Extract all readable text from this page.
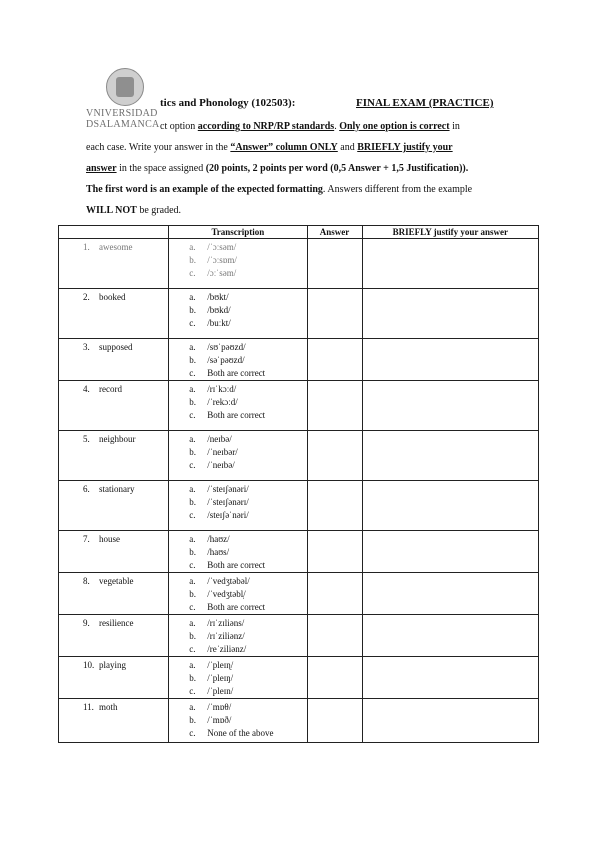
VNIVERSIDAD
DSALAMANCA
tics and Phonology (102503):	FINAL EXAM (PRACTICE)
ct option according to NRP/RP standards. Only one option is correct in
each case. Write your answer in the “Answer” column ONLY and BRIEFLY justify your
answer in the space assigned (20 points, 2 points per word (0,5 Answer + 1,5 Justification)).
The first word is an example of the expected formatting. Answers different from the example
WILL NOT be graded.
	Transcription	Answer	BRIEFLY justify your answer

1. awesome	a. /ˈɔːsəm/
b. /ˈɔːsɒm/
c. /ɔːˈsəm/		

2. booked	a. /bʊkt/
b. /bʊkd/
c. /buːkt/		

3. supposed	a. /sʊˈpəʊzd/
b. /səˈpəʊzd/
c. Both are correct		

4. record	a. /rɪˈkɔːd/
b. /ˈrekɔːd/
c. Both are correct		

5. neighbour	a. /neɪbə/
b. /ˈneɪbər/
c. /ˈneɪbə/		

6. stationary	a. /ˈsteɪʃənəri/
b. /ˈsteɪʃənərɪ/
c. /steɪʃəˈnəri/		

7. house	a. /haʊz/
b. /haʊs/
c. Both are correct		

8. vegetable	a. /ˈvedʒtəbəl/
b. /ˈvedʒtəbl̩/
c. Both are correct		

9. resilience	a. /rɪˈzɪliəns/
b. /rɪˈziliənz/
c. /reˈziliənz/		

10. playing	a. /ˈpleɪɳ/
b. /ˈpleɪŋ/
c. /ˈpleɪn/		

11. moth	a. /ˈmɒθ/
b. /ˈmɒð/
c. None of the above		
